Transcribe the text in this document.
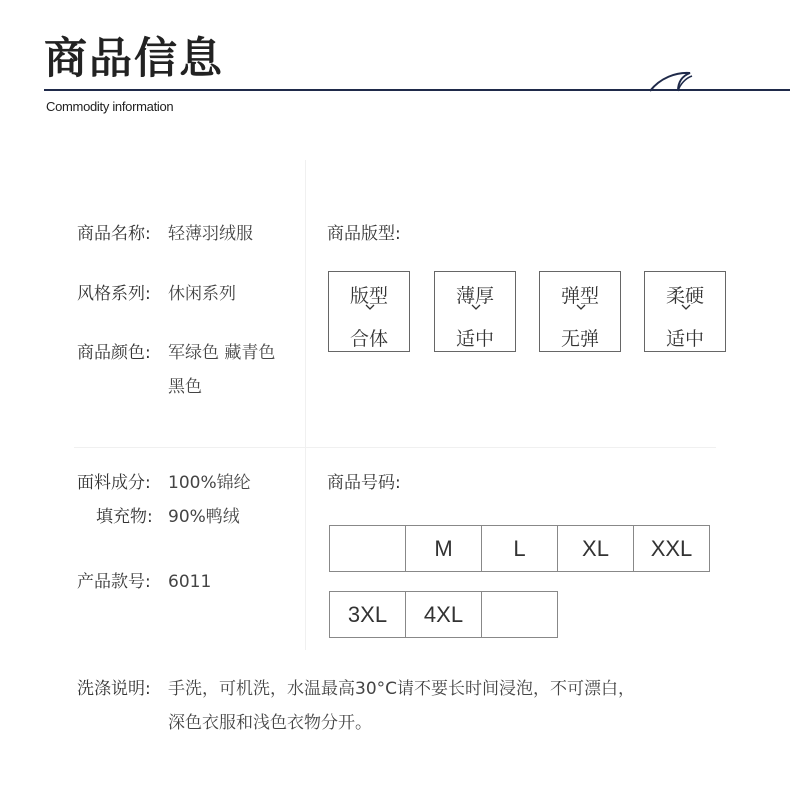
商品信息
Commodity information
商品名称: 轻薄羽绒服
风格系列: 休闲系列
商品颜色: 军绿色 藏青色
黑色
商品版型:
版型
合体
薄厚
适中
弹型
无弹
柔硬
适中
面料成分: 100%锦纶
填充物: 90%鸭绒
产品款号: 6011
商品号码:
M	L	XL	XXL
3XL	4XL
洗涤说明: 手洗，可机洗，水温最高30°C请不要长时间浸泡，不可漂白，
深色衣服和浅色衣物分开。
